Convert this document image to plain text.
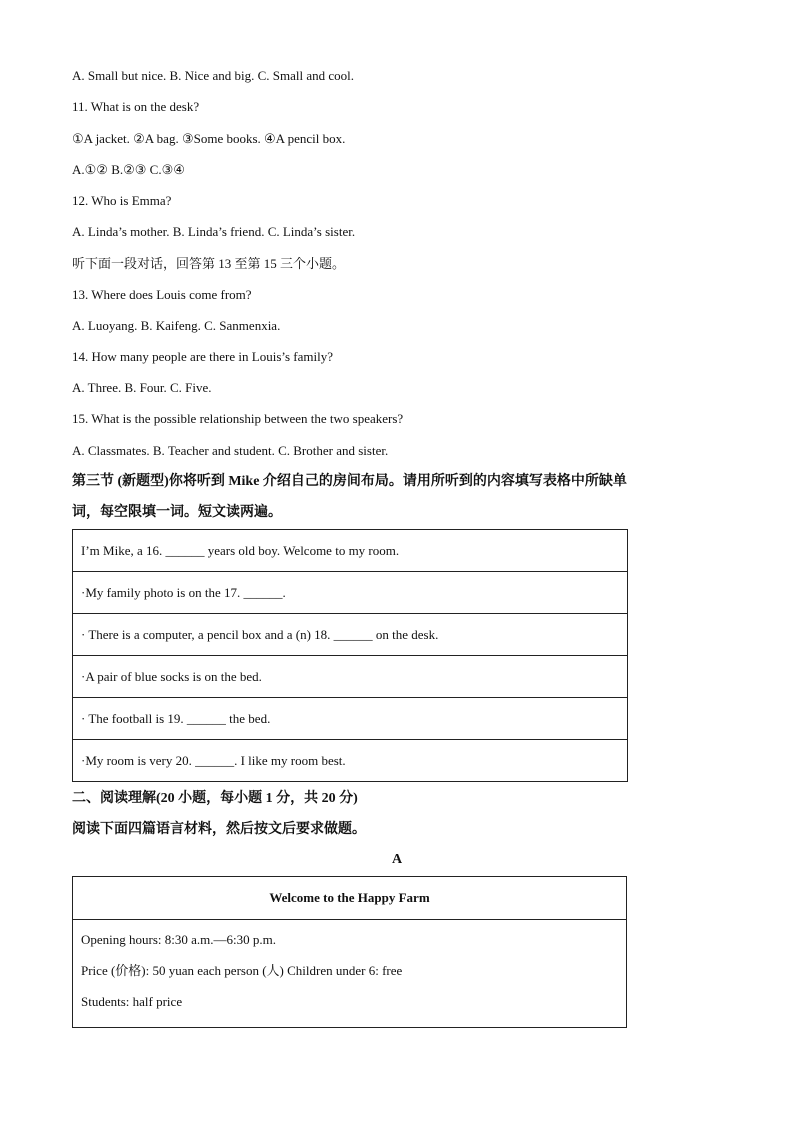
A. Small but nice. B. Nice and big. C. Small and cool.
11. What is on the desk?
①A jacket. ②A bag. ③Some books. ④A pencil box.
A.①② B.②③ C.③④
12. Who is Emma?
A. Linda’s mother. B. Linda’s friend. C. Linda’s sister.
听下面一段对话，回答第 13 至第 15 三个小题。
13. Where does Louis come from?
A. Luoyang. B. Kaifeng. C. Sanmenxia.
14. How many people are there in Louis’s family?
A. Three. B. Four. C. Five.
15. What is the possible relationship between the two speakers?
A. Classmates. B. Teacher and student. C. Brother and sister.
第三节 (新题型)你将听到 Mike 介绍自己的房间布局。请用所听到的内容填写表格中所缺单
词，每空限填一词。短文读两遍。
I’m Mike, a 16. ______ years old boy. Welcome to my room.
·My family photo is on the 17. ______.
· There is a computer, a pencil box and a (n) 18. ______ on the desk.
·A pair of blue socks is on the bed.
· The football is 19. ______ the bed.
·My room is very 20. ______. I like my room best.
二、阅读理解(20 小题，每小题 1 分，共 20 分)
阅读下面四篇语言材料，然后按文后要求做题。
A
Welcome to the Happy Farm

Opening hours: 8:30 a.m.—6:30 p.m.
Price (价格): 50 yuan each person (人) Children under 6: free
Students: half price
